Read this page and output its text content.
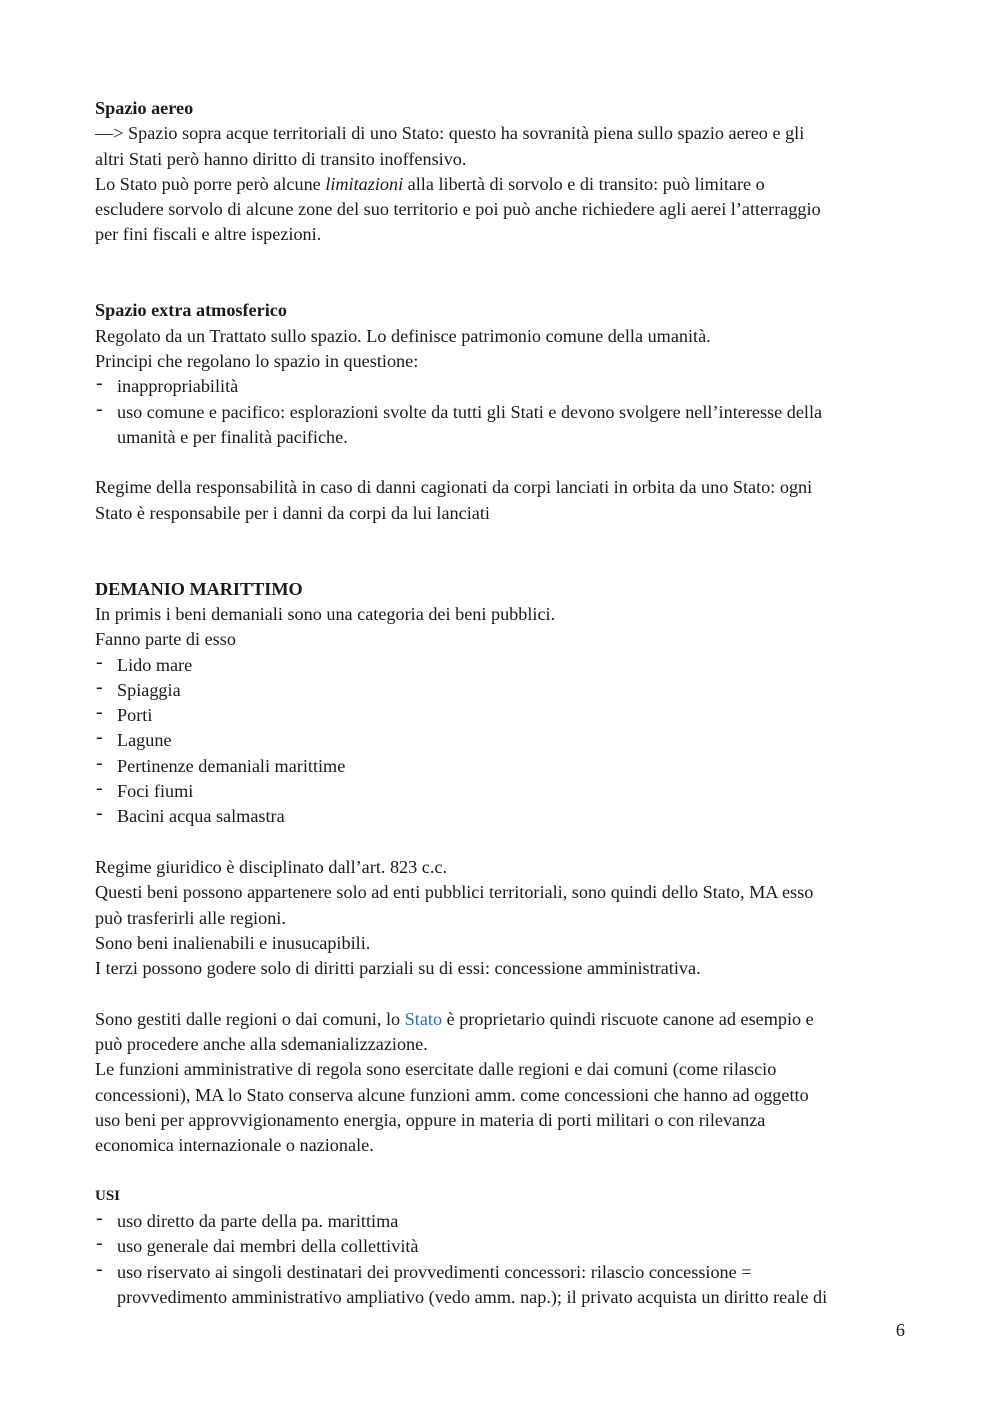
Spazio aereo

—> Spazio sopra acque territoriali di uno Stato: questo ha sovranità piena sullo spazio aereo e gli

altri Stati però hanno diritto di transito inoffensivo.

Lo Stato può porre però alcune limitazioni alla libertà di sorvolo e di transito: può limitare o

escludere sorvolo di alcune zone del suo territorio e poi può anche richiedere agli aerei l’atterraggio

per fini fiscali e altre ispezioni.

Spazio extra atmosferico

Regolato da un Trattato sullo spazio. Lo definisce patrimonio comune della umanità.

Principi che regolano lo spazio in questione:

- inappropriabilità

- uso comune e pacifico: esplorazioni svolte da tutti gli Stati e devono svolgere nell’interesse della

umanità e per finalità pacifiche.

Regime della responsabilità in caso di danni cagionati da corpi lanciati in orbita da uno Stato: ogni

Stato è responsabile per i danni da corpi da lui lanciati

DEMANIO MARITTIMO

In primis i beni demaniali sono una categoria dei beni pubblici.

Fanno parte di esso

- Lido mare

- Spiaggia

- Porti

- Lagune

- Pertinenze demaniali marittime

- Foci fiumi

- Bacini acqua salmastra

Regime giuridico è disciplinato dall’art. 823 c.c.

Questi beni possono appartenere solo ad enti pubblici territoriali, sono quindi dello Stato, MA esso

può trasferirli alle regioni.

Sono beni inalienabili e inusucapibili.

I terzi possono godere solo di diritti parziali su di essi: concessione amministrativa.

Sono gestiti dalle regioni o dai comuni, lo Stato è proprietario quindi riscuote canone ad esempio e

può procedere anche alla sdemanializzazione.

Le funzioni amministrative di regola sono esercitate dalle regioni e dai comuni (come rilascio

concessioni), MA lo Stato conserva alcune funzioni amm. come concessioni che hanno ad oggetto

uso beni per approvvigionamento energia, oppure in materia di porti militari o con rilevanza

economica internazionale o nazionale.

USI

- uso diretto da parte della pa. marittima

- uso generale dai membri della collettività

- uso riservato ai singoli destinatari dei provvedimenti concessori: rilascio concessione =

provvedimento amministrativo ampliativo (vedo amm. nap.); il privato acquista un diritto reale di

6
